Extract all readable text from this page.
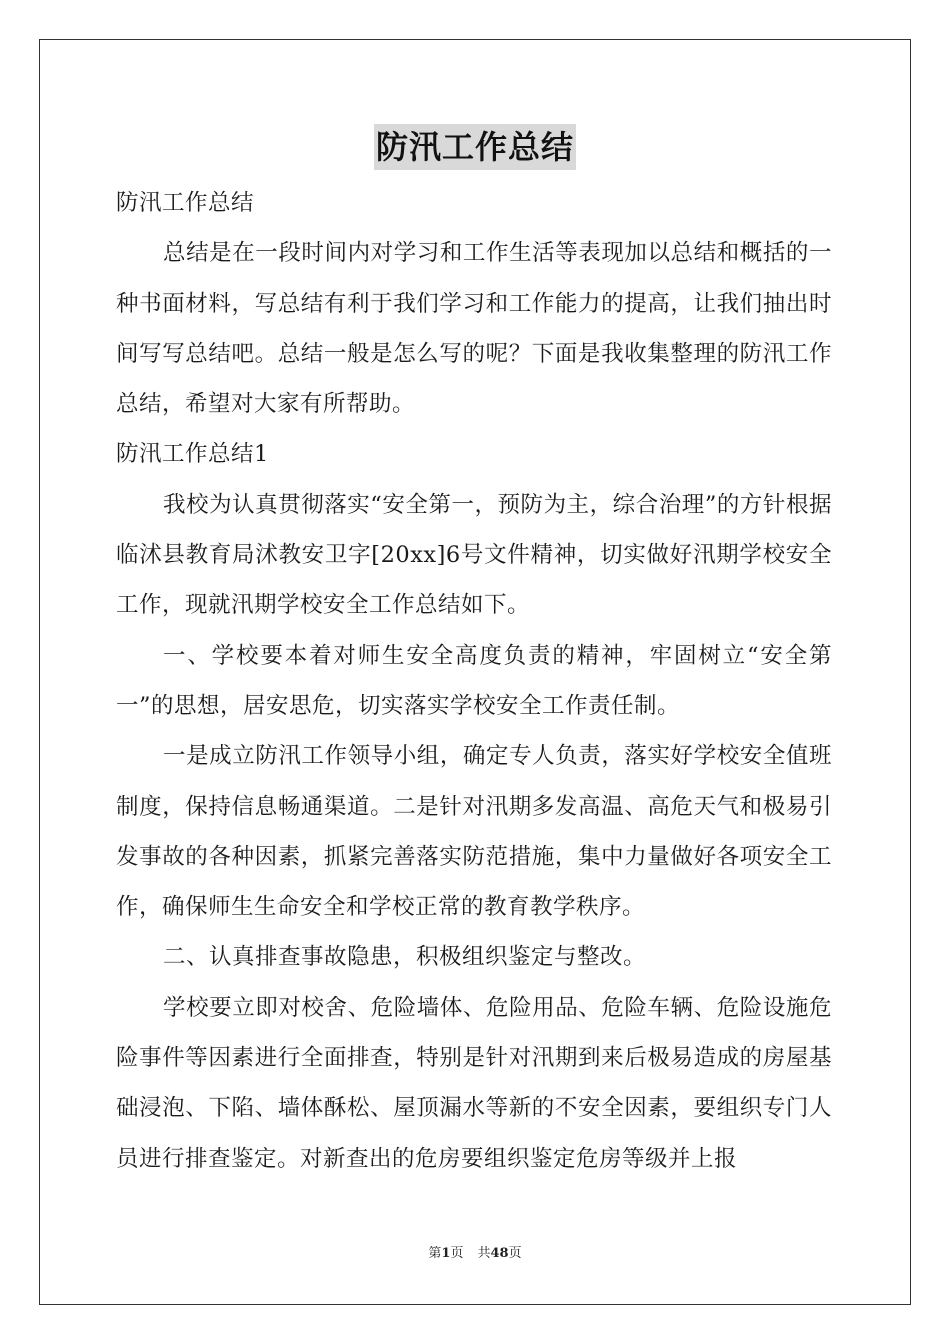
防汛工作总结

防汛工作总结

总结是在一段时间内对学习和工作生活等表现加以总结和概括的一种书面材料，写总结有利于我们学习和工作能力的提高，让我们抽出时间写写总结吧。总结一般是怎么写的呢？下面是我收集整理的防汛工作总结，希望对大家有所帮助。

防汛工作总结1

我校为认真贯彻落实“安全第一，预防为主，综合治理”的方针根据临沭县教育局沭教安卫字[20xx]6号文件精神，切实做好汛期学校安全工作，现就汛期学校安全工作总结如下。

一、学校要本着对师生安全高度负责的精神，牢固树立“安全第一”的思想，居安思危，切实落实学校安全工作责任制。

一是成立防汛工作领导小组，确定专人负责，落实好学校安全值班制度，保持信息畅通渠道。二是针对汛期多发高温、高危天气和极易引发事故的各种因素，抓紧完善落实防范措施，集中力量做好各项安全工作，确保师生生命安全和学校正常的教育教学秩序。

二、认真排查事故隐患，积极组织鉴定与整改。

学校要立即对校舍、危险墙体、危险用品、危险车辆、危险设施危险事件等因素进行全面排查，特别是针对汛期到来后极易造成的房屋基础浸泡、下陷、墙体酥松、屋顶漏水等新的不安全因素，要组织专门人员进行排查鉴定。对新查出的危房要组织鉴定危房等级并上报

第1页 共48页
